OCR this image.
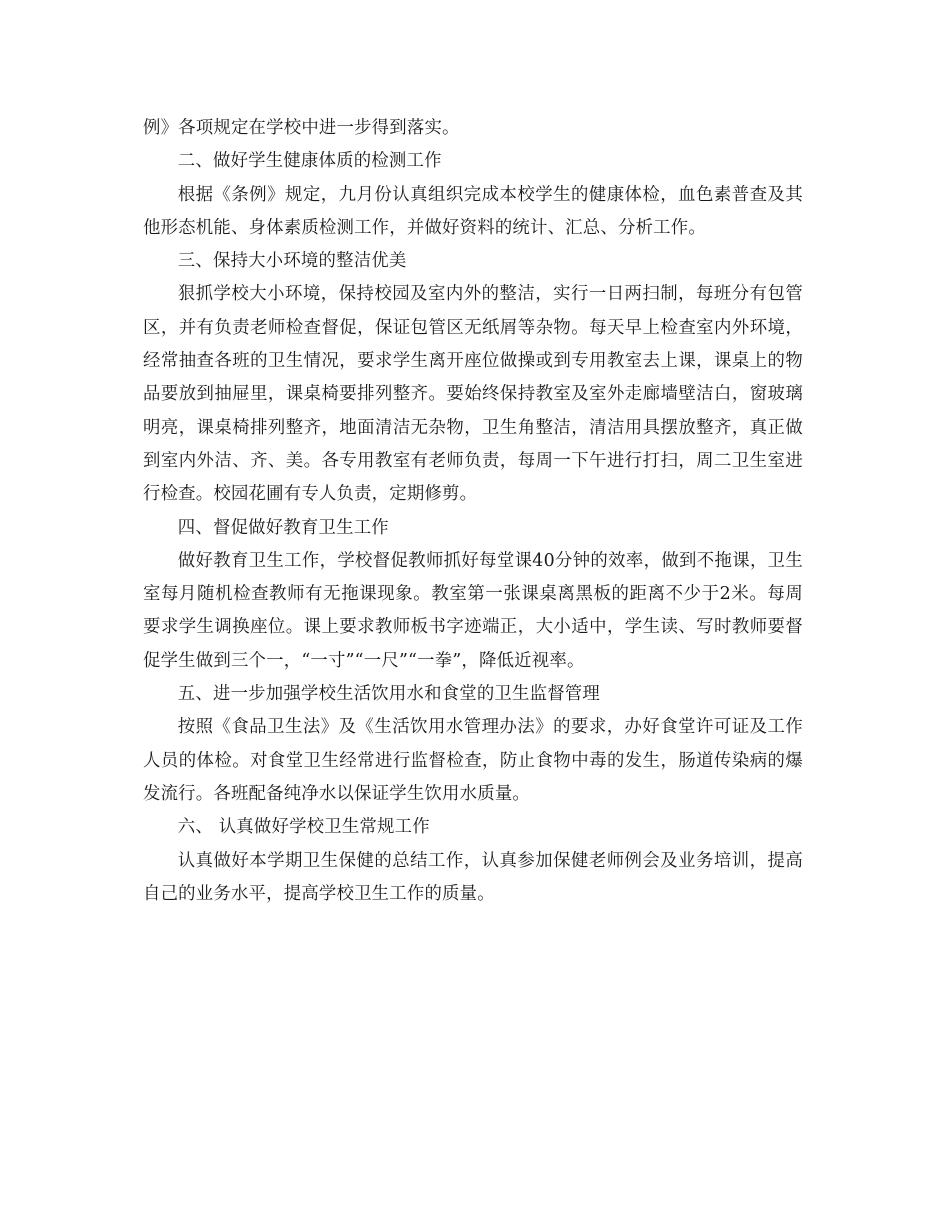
例》各项规定在学校中进一步得到落实。

二、做好学生健康体质的检测工作

根据《条例》规定，九月份认真组织完成本校学生的健康体检，血色素普查及其他形态机能、身体素质检测工作，并做好资料的统计、汇总、分析工作。

三、保持大小环境的整洁优美

狠抓学校大小环境，保持校园及室内外的整洁，实行一日两扫制，每班分有包管区，并有负责老师检查督促，保证包管区无纸屑等杂物。每天早上检查室内外环境，经常抽查各班的卫生情况，要求学生离开座位做操或到专用教室去上课，课桌上的物品要放到抽屉里，课桌椅要排列整齐。要始终保持教室及室外走廊墙壁洁白，窗玻璃明亮，课桌椅排列整齐，地面清洁无杂物，卫生角整洁，清洁用具摆放整齐，真正做到室内外洁、齐、美。各专用教室有老师负责，每周一下午进行打扫，周二卫生室进行检查。校园花圃有专人负责，定期修剪。

四、督促做好教育卫生工作

做好教育卫生工作，学校督促教师抓好每堂课40分钟的效率，做到不拖课，卫生室每月随机检查教师有无拖课现象。教室第一张课桌离黑板的距离不少于2米。每周要求学生调换座位。课上要求教师板书字迹端正，大小适中，学生读、写时教师要督促学生做到三个一，“一寸”“一尺”“一拳”，降低近视率。

五、进一步加强学校生活饮用水和食堂的卫生监督管理

按照《食品卫生法》及《生活饮用水管理办法》的要求，办好食堂许可证及工作人员的体检。对食堂卫生经常进行监督检查，防止食物中毒的发生，肠道传染病的爆发流行。各班配备纯净水以保证学生饮用水质量。

六、 认真做好学校卫生常规工作

认真做好本学期卫生保健的总结工作，认真参加保健老师例会及业务培训，提高自己的业务水平，提高学校卫生工作的质量。
